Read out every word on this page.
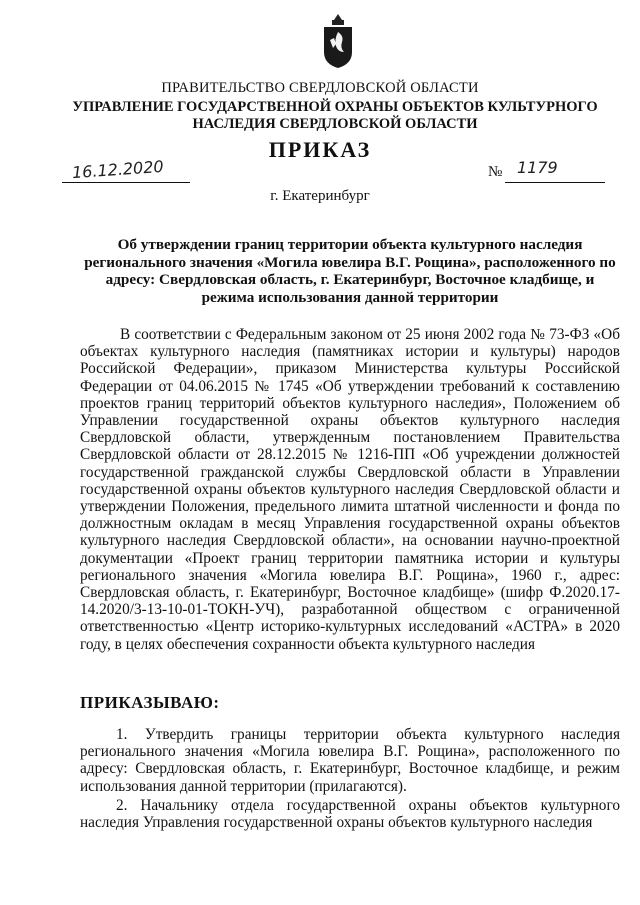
ПРАВИТЕЛЬСТВО СВЕРДЛОВСКОЙ ОБЛАСТИ
УПРАВЛЕНИЕ ГОСУДАРСТВЕННОЙ ОХРАНЫ ОБЪЕКТОВ КУЛЬТУРНОГО НАСЛЕДИЯ СВЕРДЛОВСКОЙ ОБЛАСТИ
ПРИКАЗ
16.12.2020	№ 1179
г. Екатеринбург
Об утверждении границ территории объекта культурного наследия регионального значения «Могила ювелира В.Г. Рощина», расположенного по адресу: Свердловская область, г. Екатеринбург, Восточное кладбище, и режима использования данной территории
В соответствии с Федеральным законом от 25 июня 2002 года № 73-ФЗ «Об объектах культурного наследия (памятниках истории и культуры) народов Российской Федерации», приказом Министерства культуры Российской Федерации от 04.06.2015 № 1745 «Об утверждении требований к составлению проектов границ территорий объектов культурного наследия», Положением об Управлении государственной охраны объектов культурного наследия Свердловской области, утвержденным постановлением Правительства Свердловской области от 28.12.2015 № 1216-ПП «Об учреждении должностей государственной гражданской службы Свердловской области в Управлении государственной охраны объектов культурного наследия Свердловской области и утверждении Положения, предельного лимита штатной численности и фонда по должностным окладам в месяц Управления государственной охраны объектов культурного наследия Свердловской области», на основании научно-проектной документации «Проект границ территории памятника истории и культуры регионального значения «Могила ювелира В.Г. Рощина», 1960 г., адрес: Свердловская область, г. Екатеринбург, Восточное кладбище» (шифр Ф.2020.17-14.2020/3-13-10-01-ТОКН-УЧ), разработанной обществом с ограниченной ответственностью «Центр историко-культурных исследований «АСТРА» в 2020 году, в целях обеспечения сохранности объекта культурного наследия
ПРИКАЗЫВАЮ:

1. Утвердить границы территории объекта культурного наследия регионального значения «Могила ювелира В.Г. Рощина», расположенного по адресу: Свердловская область, г. Екатеринбург, Восточное кладбище, и режим использования данной территории (прилагаются).

2. Начальнику отдела государственной охраны объектов культурного наследия Управления государственной охраны объектов культурного наследия
